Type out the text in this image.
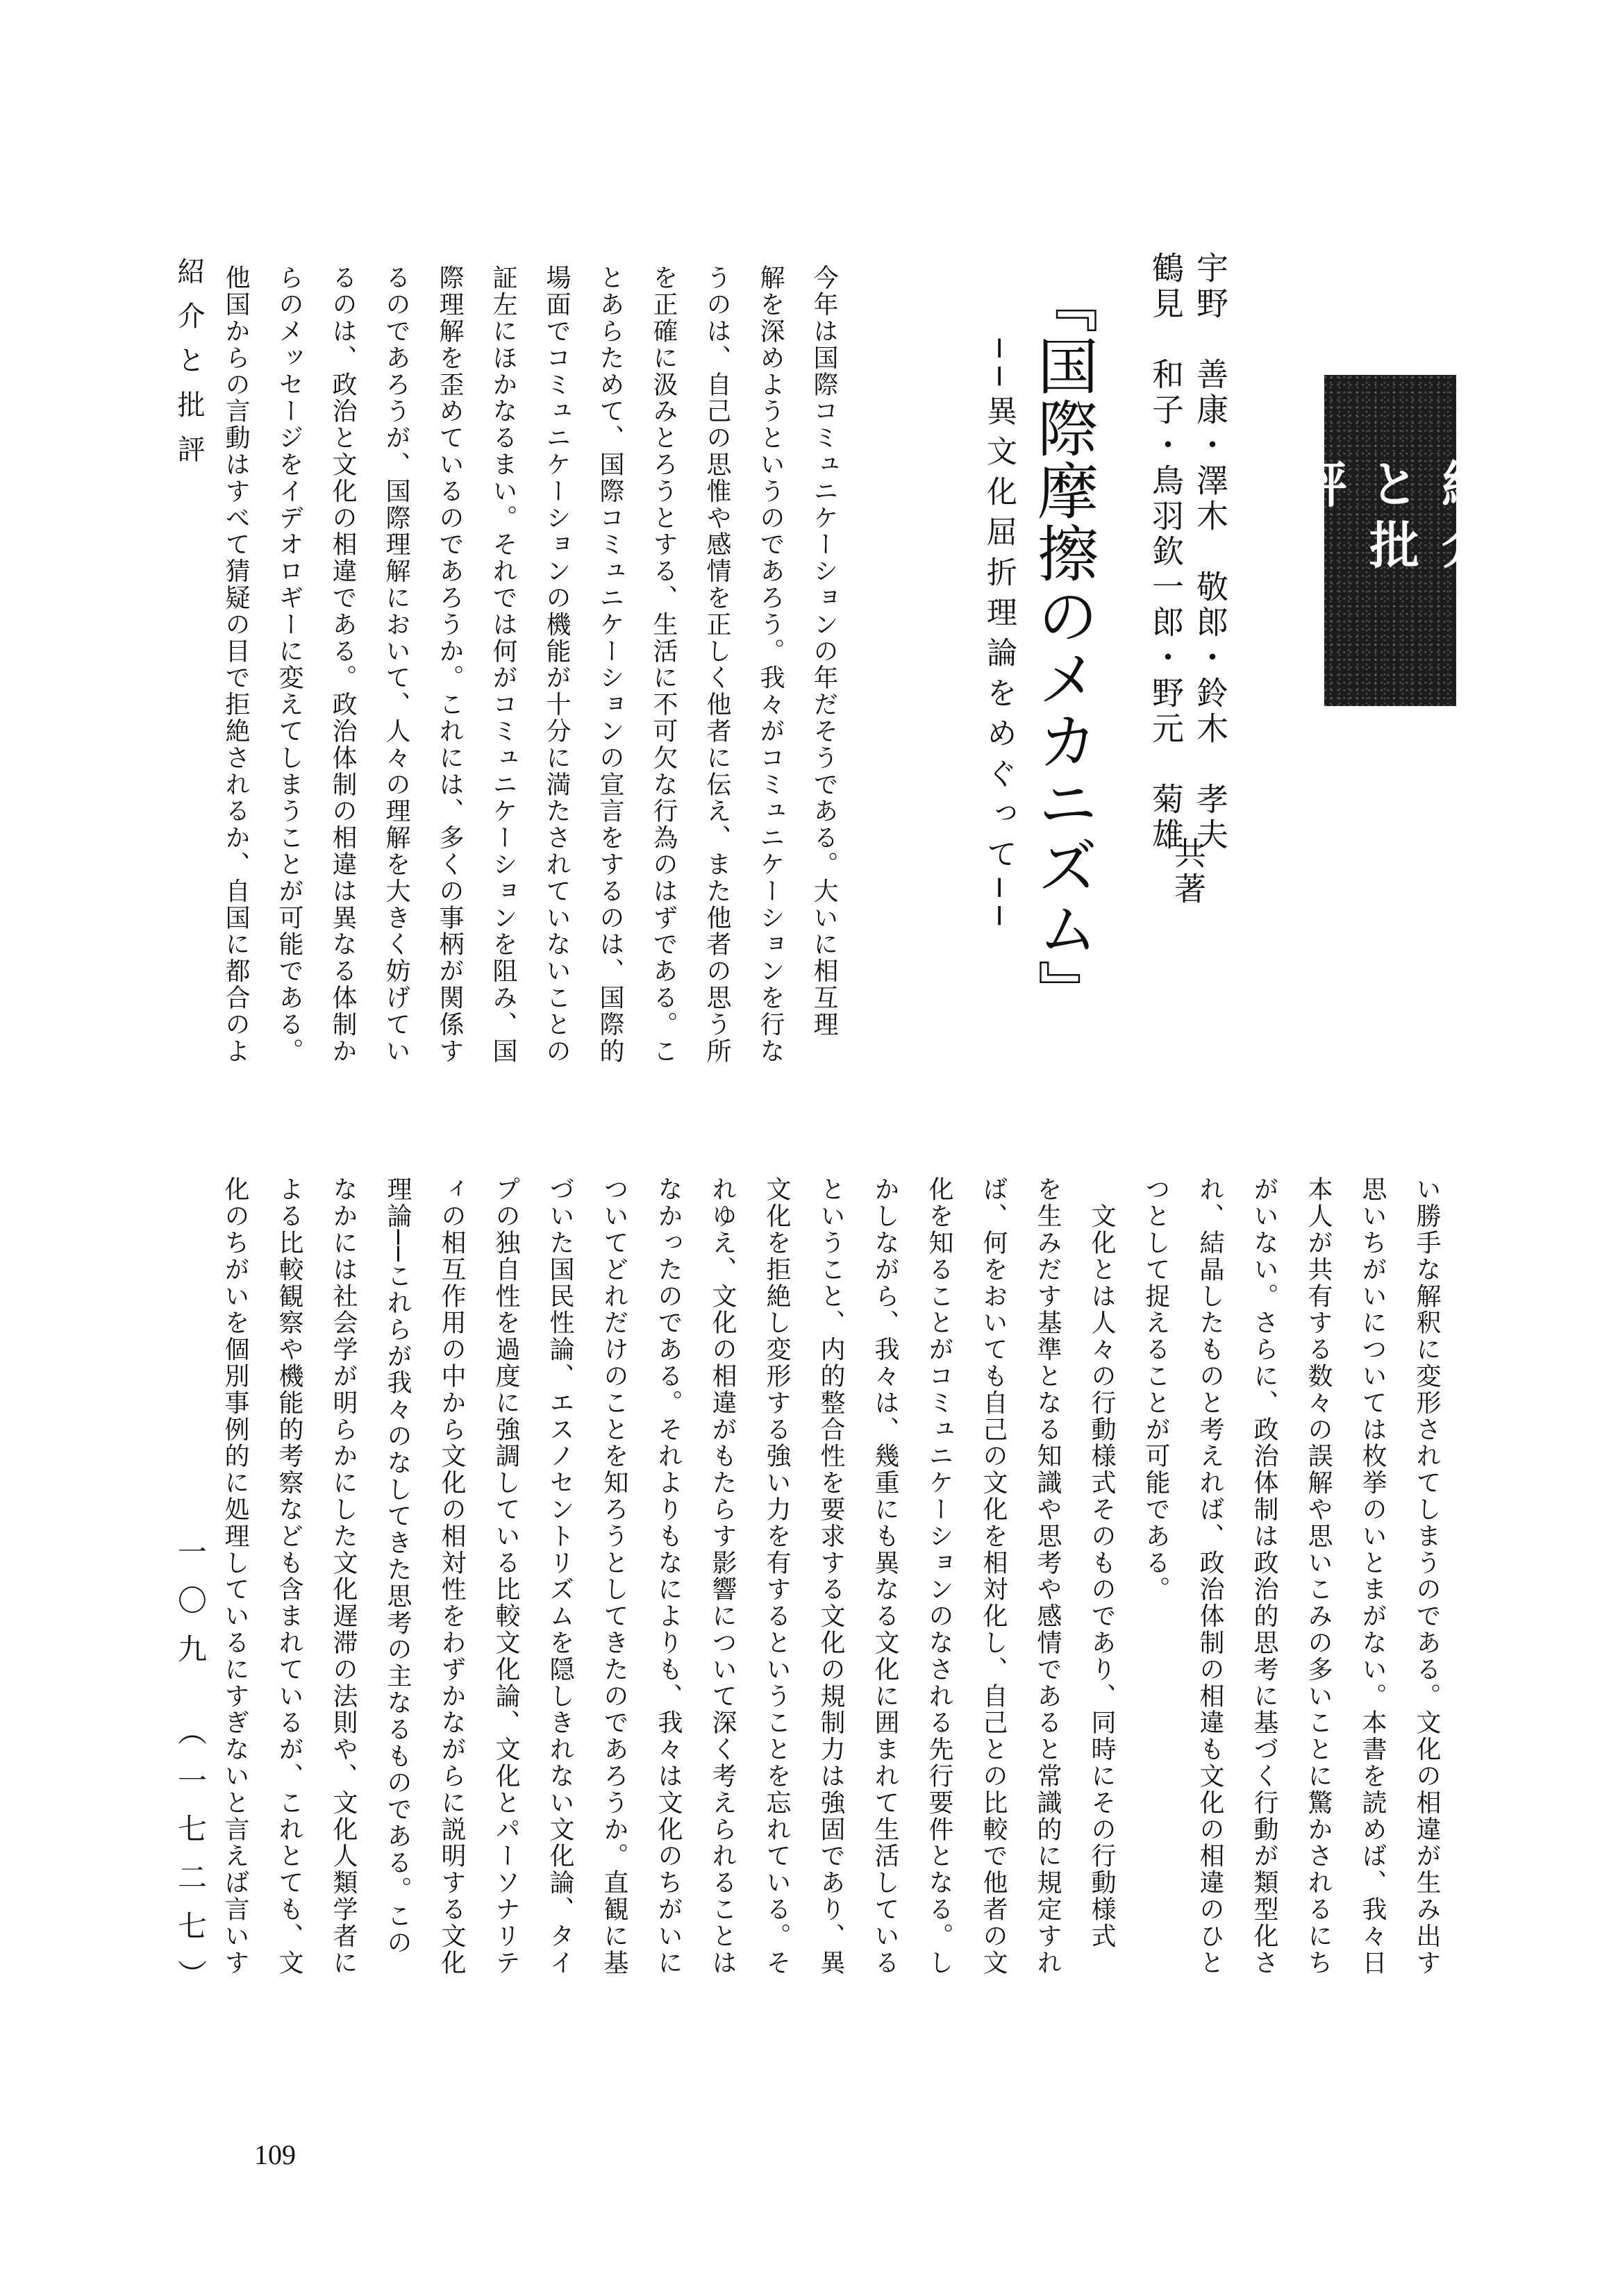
紹介と批評
宇野　善康・澤木　敬郎・鈴木　孝夫
鶴見　和子・鳥羽欽一郎・野元　菊雄
共著
『国際摩擦のメカニズム』
──異文化屈折理論をめぐって──
今年は国際コミュニケーションの年だそうである。大いに相互理
解を深めようというのであろう。我々がコミュニケーションを行な
うのは、自己の思惟や感情を正しく他者に伝え、また他者の思う所
を正確に汲みとろうとする、生活に不可欠な行為のはずである。こ
とあらためて、国際コミュニケーションの宣言をするのは、国際的
場面でコミュニケーションの機能が十分に満たされていないことの
証左にほかなるまい。それでは何がコミュニケーションを阻み、国
際理解を歪めているのであろうか。これには、多くの事柄が関係す
るのであろうが、国際理解において、人々の理解を大きく妨げてい
るのは、政治と文化の相違である。政治体制の相違は異なる体制か
らのメッセージをイデオロギーに変えてしまうことが可能である。
他国からの言動はすべて猜疑の目で拒絶されるか、自国に都合のよ
い勝手な解釈に変形されてしまうのである。文化の相違が生み出す
思いちがいについては枚挙のいとまがない。本書を読めば、我々日
本人が共有する数々の誤解や思いこみの多いことに驚かされるにち
がいない。さらに、政治体制は政治的思考に基づく行動が類型化さ
れ、結晶したものと考えれば、政治体制の相違も文化の相違のひと
つとして捉えることが可能である。
　文化とは人々の行動様式そのものであり、同時にその行動様式
を生みだす基準となる知識や思考や感情であると常識的に規定すれ
ば、何をおいても自己の文化を相対化し、自己との比較で他者の文
化を知ることがコミュニケーションのなされる先行要件となる。し
かしながら、我々は、幾重にも異なる文化に囲まれて生活している
ということ、内的整合性を要求する文化の規制力は強固であり、異
文化を拒絶し変形する強い力を有するということを忘れている。そ
れゆえ、文化の相違がもたらす影響について深く考えられることは
なかったのである。それよりもなによりも、我々は文化のちがいに
ついてどれだけのことを知ろうとしてきたのであろうか。直観に基
づいた国民性論、エスノセントリズムを隠しきれない文化論、タイ
プの独自性を過度に強調している比較文化論、文化とパーソナリテ
ィの相互作用の中から文化の相対性をわずかながらに説明する文化
理論──これらが我々のなしてきた思考の主なるものである。この
なかには社会学が明らかにした文化遅滞の法則や、文化人類学者に
よる比較観察や機能的考察なども含まれているが、これとても、文
化のちがいを個別事例的に処理しているにすぎないと言えば言いす
紹介と批評
一〇九　（一七二七）
109
